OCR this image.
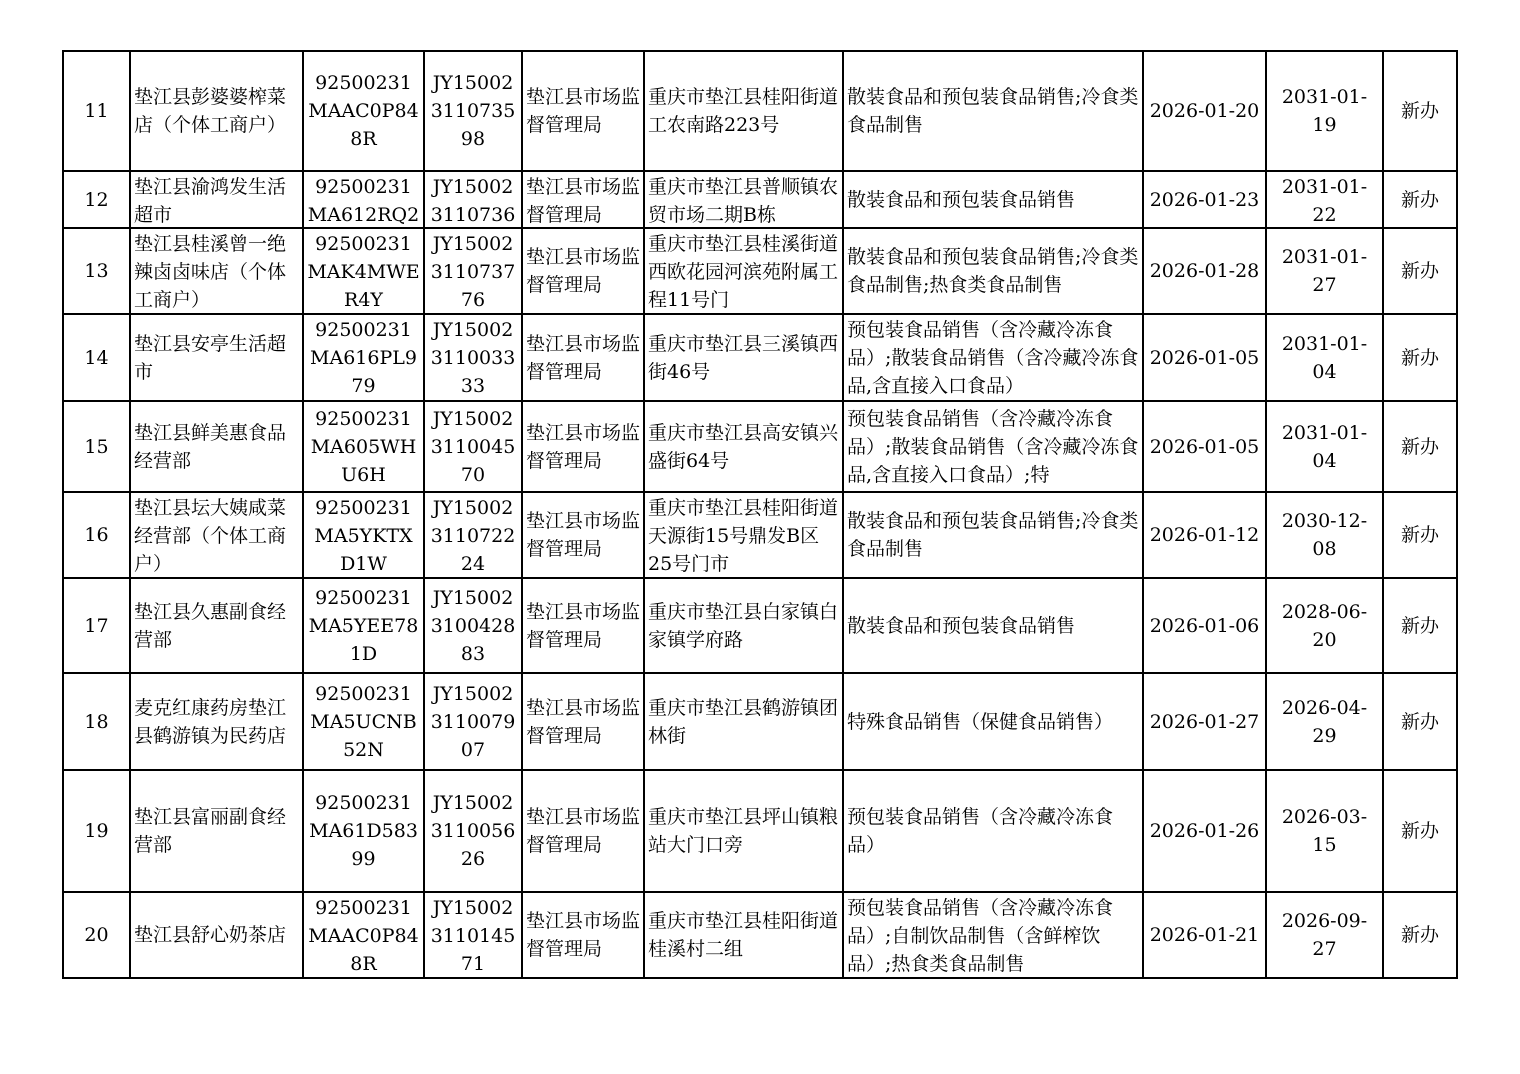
11	垫江县彭婆婆榨菜店（个体工商户）	92500231MAAC0P848R	JY15002311073598	垫江县市场监督管理局	重庆市垫江县桂阳街道工农南路223号	散装食品和预包装食品销售;冷食类食品制售	2026-01-20	2031-01-19	新办

12	垫江县渝鸿发生活超市	92500231MA612RQ2	JY150023110736	垫江县市场监督管理局	重庆市垫江县普顺镇农贸市场二期B栋	散装食品和预包装食品销售	2026-01-23	2031-01-22	新办

13	垫江县桂溪曾一绝辣卤卤味店（个体工商户）	92500231MAK4MWER4Y	JY15002311073776	垫江县市场监督管理局	重庆市垫江县桂溪街道西欧花园河滨苑附属工程11号门	散装食品和预包装食品销售;冷食类食品制售;热食类食品制售	2026-01-28	2031-01-27	新办

14	垫江县安亭生活超市	92500231MA616PL979	JY15002311003333	垫江县市场监督管理局	重庆市垫江县三溪镇西街46号	预包装食品销售（含冷藏冷冻食品）;散装食品销售（含冷藏冷冻食品,含直接入口食品）	2026-01-05	2031-01-04	新办

15	垫江县鲜美惠食品经营部	92500231MA605WHU6H	JY15002311004570	垫江县市场监督管理局	重庆市垫江县高安镇兴盛街64号	预包装食品销售（含冷藏冷冻食品）;散装食品销售（含冷藏冷冻食品,含直接入口食品）;特	2026-01-05	2031-01-04	新办

16	垫江县坛大姨咸菜经营部（个体工商户）	92500231MA5YKTXD1W	JY15002311072224	垫江县市场监督管理局	重庆市垫江县桂阳街道天源街15号鼎发B区25号门市	散装食品和预包装食品销售;冷食类食品制售	2026-01-12	2030-12-08	新办

17	垫江县久惠副食经营部	92500231MA5YEE781D	JY15002310042883	垫江县市场监督管理局	重庆市垫江县白家镇白家镇学府路	散装食品和预包装食品销售	2026-01-06	2028-06-20	新办

18	麦克红康药房垫江县鹤游镇为民药店	92500231MA5UCNB52N	JY15002311007907	垫江县市场监督管理局	重庆市垫江县鹤游镇团林街	特殊食品销售（保健食品销售）	2026-01-27	2026-04-29	新办

19	垫江县富丽副食经营部	92500231MA61D58399	JY15002311005626	垫江县市场监督管理局	重庆市垫江县坪山镇粮站大门口旁	预包装食品销售（含冷藏冷冻食品）	2026-01-26	2026-03-15	新办

20	垫江县舒心奶茶店	92500231MAAC0P848R	JY15002311014571	垫江县市场监督管理局	重庆市垫江县桂阳街道桂溪村二组	预包装食品销售（含冷藏冷冻食品）;自制饮品制售（含鲜榨饮品）;热食类食品制售	2026-01-21	2026-09-27	新办
